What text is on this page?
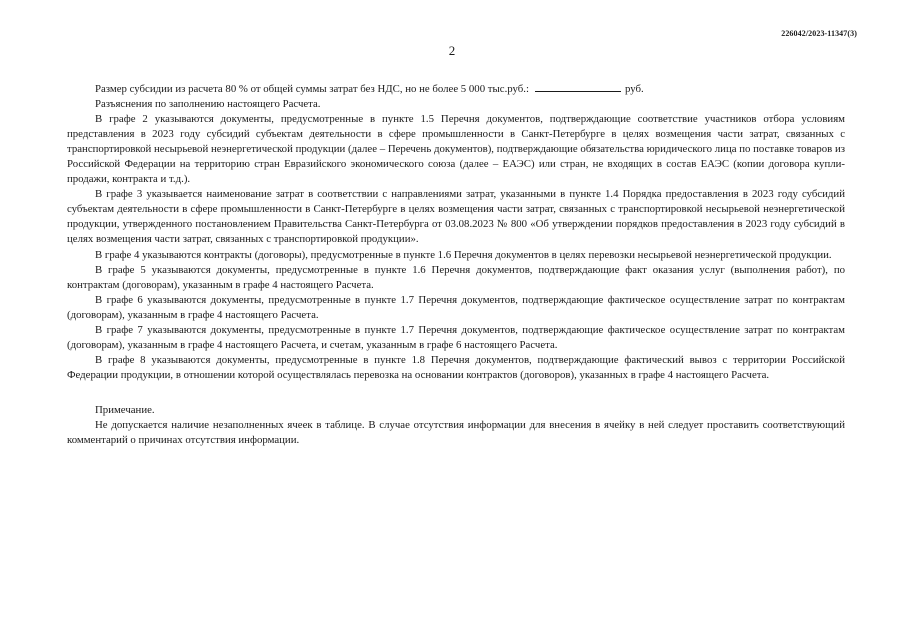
226042/2023-11347(3)
2

Размер субсидии из расчета 80 % от общей суммы затрат без НДС, но не более 5 000 тыс.руб.:	руб.

Разъяснения по заполнению настоящего Расчета.

В графе 2 указываются документы, предусмотренные в пункте 1.5 Перечня документов, подтверждающие соответствие участников отбора условиям представления в 2023 году субсидий субъектам деятельности в сфере промышленности в Санкт-Петербурге в целях возмещения части затрат, связанных с транспортировкой несырьевой неэнергетической продукции (далее – Перечень документов), подтверждающие обязательства юридического лица по поставке товаров из Российской Федерации на территорию стран Евразийского экономического союза (далее – ЕАЭС) или стран, не входящих в состав ЕАЭС (копии договора купли-продажи, контракта и т.д.).

В графе 3 указывается наименование затрат в соответствии с направлениями затрат, указанными в пункте 1.4 Порядка предоставления в 2023 году субсидий субъектам деятельности в сфере промышленности в Санкт-Петербурге в целях возмещения части затрат, связанных с транспортировкой несырьевой неэнергетической продукции, утвержденного постановлением Правительства Санкт-Петербурга от 03.08.2023 № 800 «Об утверждении порядков предоставления в 2023 году субсидий в целях возмещения части затрат, связанных с транспортировкой продукции».

В графе 4 указываются контракты (договоры), предусмотренные в пункте 1.6 Перечня документов в целях перевозки несырьевой неэнергетической продукции.

В графе 5 указываются документы, предусмотренные в пункте 1.6 Перечня документов, подтверждающие факт оказания услуг (выполнения работ), по контрактам (договорам), указанным в графе 4 настоящего Расчета.

В графе 6 указываются документы, предусмотренные в пункте 1.7 Перечня документов, подтверждающие фактическое осуществление затрат по контрактам (договорам), указанным в графе 4 настоящего Расчета.

В графе 7 указываются документы, предусмотренные в пункте 1.7 Перечня документов, подтверждающие фактическое осуществление затрат по контрактам (договорам), указанным в графе 4 настоящего Расчета, и счетам, указанным в графе 6 настоящего Расчета.

В графе 8 указываются документы, предусмотренные в пункте 1.8 Перечня документов, подтверждающие фактический вывоз с территории Российской Федерации продукции, в отношении которой осуществлялась перевозка на основании контрактов (договоров), указанных в графе 4 настоящего Расчета.

Примечание.

Не допускается наличие незаполненных ячеек в таблице. В случае отсутствия информации для внесения в ячейку в ней следует проставить соответствующий комментарий о причинах отсутствия информации.
